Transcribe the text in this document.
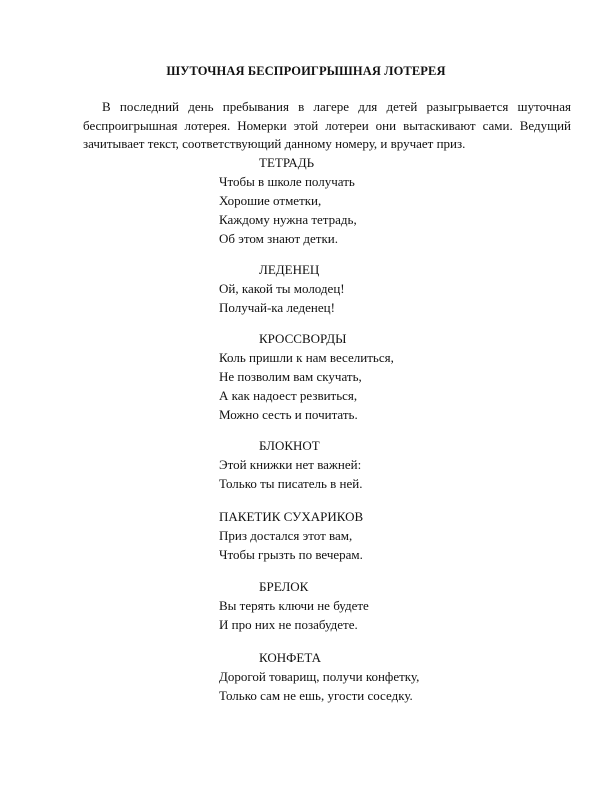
ШУТОЧНАЯ БЕСПРОИГРЫШНАЯ ЛОТЕРЕЯ

В последний день пребывания в лагере для детей разыгрывается шуточная беспроигрышная лотерея. Номерки этой лотереи они вытаскивают сами. Ведущий зачитывает текст, соответствующий данному номеру, и вручает приз.

ТЕТРАДЬ

Чтобы в школе получать

Хорошие отметки,

Каждому нужна тетрадь,

Об этом знают детки.

ЛЕДЕНЕЦ

Ой, какой ты молодец!

Получай-ка леденец!

КРОССВОРДЫ

Коль пришли к нам веселиться,

Не позволим вам скучать,

А как надоест резвиться,

Можно сесть и почитать.

БЛОКНОТ

Этой книжки нет важней:

Только ты писатель в ней.

ПАКЕТИК СУХАРИКОВ

Приз достался этот вам,

Чтобы грызть по вечерам.

БРЕЛОК

Вы терять ключи не будете

И про них не позабудете.

КОНФЕТА

Дорогой товарищ, получи конфетку,

Только сам не ешь, угости соседку.
